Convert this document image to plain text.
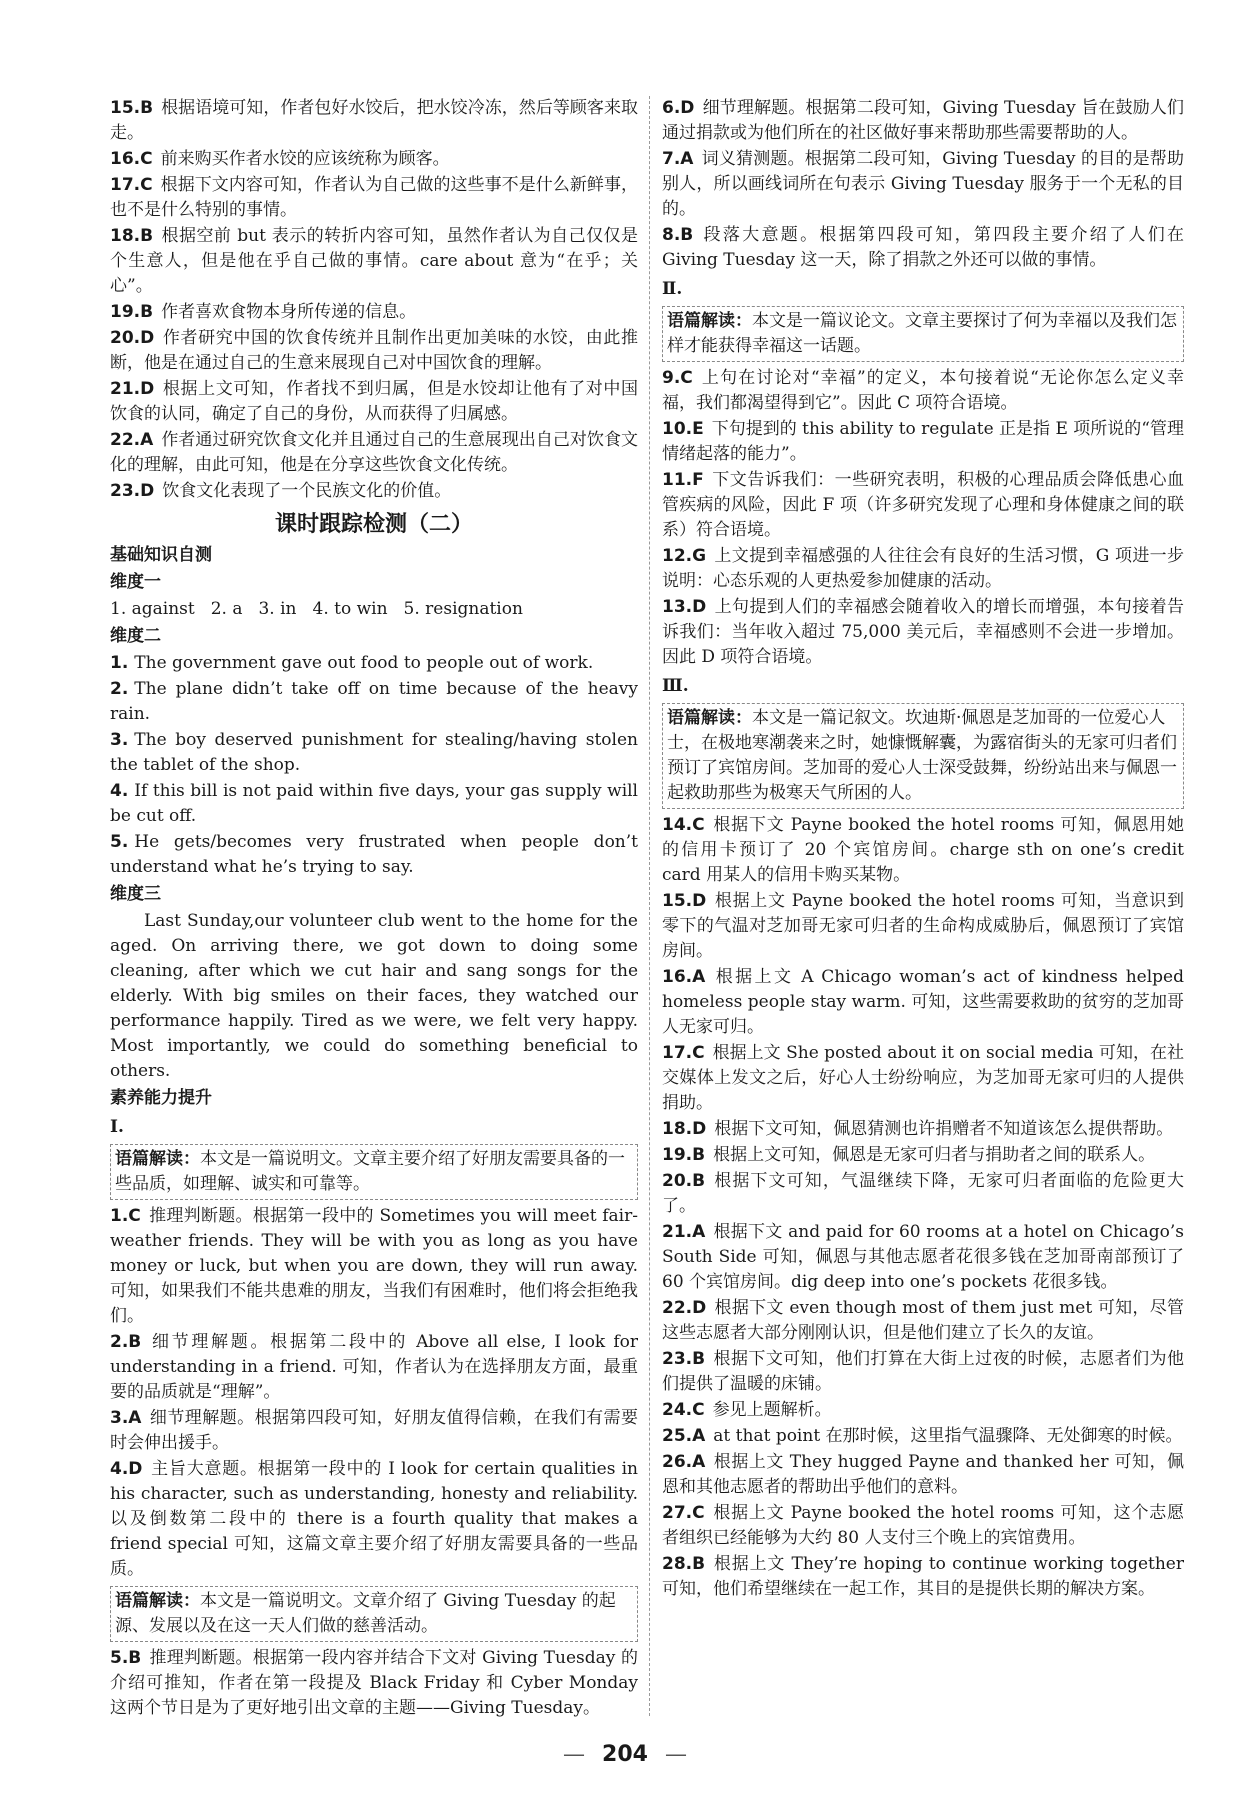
15.B 根据语境可知，作者包好水饺后，把水饺冷冻，然后等顾客来取走。
16.C 前来购买作者水饺的应该统称为顾客。
17.C 根据下文内容可知，作者认为自己做的这些事不是什么新鲜事，也不是什么特别的事情。
18.B 根据空前 but 表示的转折内容可知，虽然作者认为自己仅仅是个生意人，但是他在乎自己做的事情。care about 意为“在乎；关心”。
19.B 作者喜欢食物本身所传递的信息。
20.D 作者研究中国的饮食传统并且制作出更加美味的水饺，由此推断，他是在通过自己的生意来展现自己对中国饮食的理解。
21.D 根据上文可知，作者找不到归属，但是水饺却让他有了对中国饮食的认同，确定了自己的身份，从而获得了归属感。
22.A 作者通过研究饮食文化并且通过自己的生意展现出自己对饮食文化的理解，由此可知，他是在分享这些饮食文化传统。
23.D 饮食文化表现了一个民族文化的价值。
课时跟踪检测（二）
基础知识自测
维度一
1. against 2. a 3. in 4. to win 5. resignation
维度二
1. The government gave out food to people out of work.
2. The plane didn’t take off on time because of the heavy rain.
3. The boy deserved punishment for stealing/having stolen the tablet of the shop.
4. If this bill is not paid within five days, your gas supply will be cut off.
5. He gets/becomes very frustrated when people don’t understand what he’s trying to say.
维度三
Last Sunday,our volunteer club went to the home for the aged. On arriving there, we got down to doing some cleaning, after which we cut hair and sang songs for the elderly. With big smiles on their faces, they watched our performance happily. Tired as we were, we felt very happy. Most importantly, we could do something beneficial to others.
素养能力提升
Ⅰ.
语篇解读：本文是一篇说明文。文章主要介绍了好朋友需要具备的一些品质，如理解、诚实和可靠等。
1.C 推理判断题。根据第一段中的 Sometimes you will meet fair-weather friends. They will be with you as long as you have money or luck, but when you are down, they will run away. 可知，如果我们不能共患难的朋友，当我们有困难时，他们将会拒绝我们。
2.B 细节理解题。根据第二段中的 Above all else, I look for understanding in a friend. 可知，作者认为在选择朋友方面，最重要的品质就是“理解”。
3.A 细节理解题。根据第四段可知，好朋友值得信赖，在我们有需要时会伸出援手。
4.D 主旨大意题。根据第一段中的 I look for certain qualities in his character, such as understanding, honesty and reliability. 以及倒数第二段中的 there is a fourth quality that makes a friend special 可知，这篇文章主要介绍了好朋友需要具备的一些品质。
语篇解读：本文是一篇说明文。文章介绍了 Giving Tuesday 的起源、发展以及在这一天人们做的慈善活动。
5.B 推理判断题。根据第一段内容并结合下文对 Giving Tuesday 的介绍可推知，作者在第一段提及 Black Friday 和 Cyber Monday 这两个节日是为了更好地引出文章的主题——Giving Tuesday。
6.D 细节理解题。根据第二段可知，Giving Tuesday 旨在鼓励人们通过捐款或为他们所在的社区做好事来帮助那些需要帮助的人。
7.A 词义猜测题。根据第二段可知，Giving Tuesday 的目的是帮助别人，所以画线词所在句表示 Giving Tuesday 服务于一个无私的目的。
8.B 段落大意题。根据第四段可知，第四段主要介绍了人们在 Giving Tuesday 这一天，除了捐款之外还可以做的事情。
Ⅱ.
语篇解读：本文是一篇议论文。文章主要探讨了何为幸福以及我们怎样才能获得幸福这一话题。
9.C 上句在讨论对“幸福”的定义，本句接着说“无论你怎么定义幸福，我们都渴望得到它”。因此 C 项符合语境。
10.E 下句提到的 this ability to regulate 正是指 E 项所说的“管理情绪起落的能力”。
11.F 下文告诉我们：一些研究表明，积极的心理品质会降低患心血管疾病的风险，因此 F 项（许多研究发现了心理和身体健康之间的联系）符合语境。
12.G 上文提到幸福感强的人往往会有良好的生活习惯，G 项进一步说明：心态乐观的人更热爱参加健康的活动。
13.D 上句提到人们的幸福感会随着收入的增长而增强，本句接着告诉我们：当年收入超过 75,000 美元后，幸福感则不会进一步增加。因此 D 项符合语境。
Ⅲ.
语篇解读：本文是一篇记叙文。坎迪斯·佩恩是芝加哥的一位爱心人士，在极地寒潮袭来之时，她慷慨解囊，为露宿街头的无家可归者们预订了宾馆房间。芝加哥的爱心人士深受鼓舞，纷纷站出来与佩恩一起救助那些为极寒天气所困的人。
14.C 根据下文 Payne booked the hotel rooms 可知，佩恩用她的信用卡预订了 20 个宾馆房间。charge sth on one’s credit card 用某人的信用卡购买某物。
15.D 根据上文 Payne booked the hotel rooms 可知，当意识到零下的气温对芝加哥无家可归者的生命构成威胁后，佩恩预订了宾馆房间。
16.A 根据上文 A Chicago woman’s act of kindness helped homeless people stay warm. 可知，这些需要救助的贫穷的芝加哥人无家可归。
17.C 根据上文 She posted about it on social media 可知，在社交媒体上发文之后，好心人士纷纷响应，为芝加哥无家可归的人提供捐助。
18.D 根据下文可知，佩恩猜测也许捐赠者不知道该怎么提供帮助。
19.B 根据上文可知，佩恩是无家可归者与捐助者之间的联系人。
20.B 根据下文可知，气温继续下降，无家可归者面临的危险更大了。
21.A 根据下文 and paid for 60 rooms at a hotel on Chicago’s South Side 可知，佩恩与其他志愿者花很多钱在芝加哥南部预订了 60 个宾馆房间。dig deep into one’s pockets 花很多钱。
22.D 根据下文 even though most of them just met 可知，尽管这些志愿者大部分刚刚认识，但是他们建立了长久的友谊。
23.B 根据下文可知，他们打算在大街上过夜的时候，志愿者们为他们提供了温暖的床铺。
24.C 参见上题解析。
25.A at that point 在那时候，这里指气温骤降、无处御寒的时候。
26.A 根据上文 They hugged Payne and thanked her 可知，佩恩和其他志愿者的帮助出乎他们的意料。
27.C 根据上文 Payne booked the hotel rooms 可知，这个志愿者组织已经能够为大约 80 人支付三个晚上的宾馆费用。
28.B 根据上文 They’re hoping to continue working together 可知，他们希望继续在一起工作，其目的是提供长期的解决方案。
— 204 —
